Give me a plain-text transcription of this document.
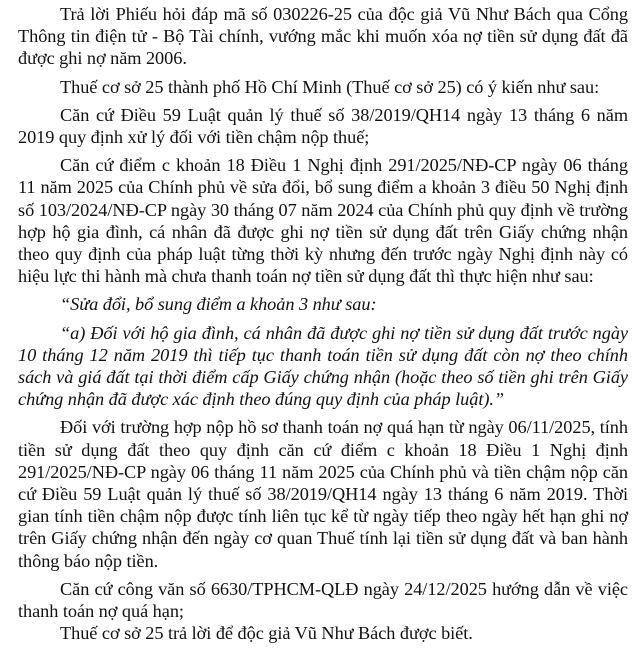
Trả lời Phiếu hỏi đáp mã số 030226-25 của độc giả Vũ Như Bách qua Cổng Thông tin điện tử - Bộ Tài chính, vướng mắc khi muốn xóa nợ tiền sử dụng đất đã được ghi nợ năm 2006.

Thuế cơ sở 25 thành phố Hồ Chí Minh (Thuế cơ sở 25) có ý kiến như sau:

Căn cứ Điều 59 Luật quản lý thuế số 38/2019/QH14 ngày 13 tháng 6 năm 2019 quy định xử lý đối với tiền chậm nộp thuế;

Căn cứ điểm c khoản 18 Điều 1 Nghị định 291/2025/NĐ-CP ngày 06 tháng 11 năm 2025 của Chính phủ về sửa đổi, bổ sung điểm a khoản 3 điều 50 Nghị định số 103/2024/NĐ-CP ngày 30 tháng 07 năm 2024 của Chính phủ quy định về trường hợp hộ gia đình, cá nhân đã được ghi nợ tiền sử dụng đất trên Giấy chứng nhận theo quy định của pháp luật từng thời kỳ nhưng đến trước ngày Nghị định này có hiệu lực thi hành mà chưa thanh toán nợ tiền sử dụng đất thì thực hiện như sau:

“Sửa đổi, bổ sung điểm a khoản 3 như sau:

“a) Đối với hộ gia đình, cá nhân đã được ghi nợ tiền sử dụng đất trước ngày 10 tháng 12 năm 2019 thì tiếp tục thanh toán tiền sử dụng đất còn nợ theo chính sách và giá đất tại thời điểm cấp Giấy chứng nhận (hoặc theo số tiền ghi trên Giấy chứng nhận đã được xác định theo đúng quy định của pháp luật).”

Đối với trường hợp nộp hồ sơ thanh toán nợ quá hạn từ ngày 06/11/2025, tính tiền sử dụng đất theo quy định căn cứ điểm c khoản 18 Điều 1 Nghị định 291/2025/NĐ-CP ngày 06 tháng 11 năm 2025 của Chính phủ và tiền chậm nộp căn cứ Điều 59 Luật quản lý thuế số 38/2019/QH14 ngày 13 tháng 6 năm 2019. Thời gian tính tiền chậm nộp được tính liên tục kể từ ngày tiếp theo ngày hết hạn ghi nợ trên Giấy chứng nhận đến ngày cơ quan Thuế tính lại tiền sử dụng đất và ban hành thông báo nộp tiền.

Căn cứ công văn số 6630/TPHCM-QLĐ ngày 24/12/2025 hướng dẫn về việc thanh toán nợ quá hạn;

Thuế cơ sở 25 trả lời để độc giả Vũ Như Bách được biết.
